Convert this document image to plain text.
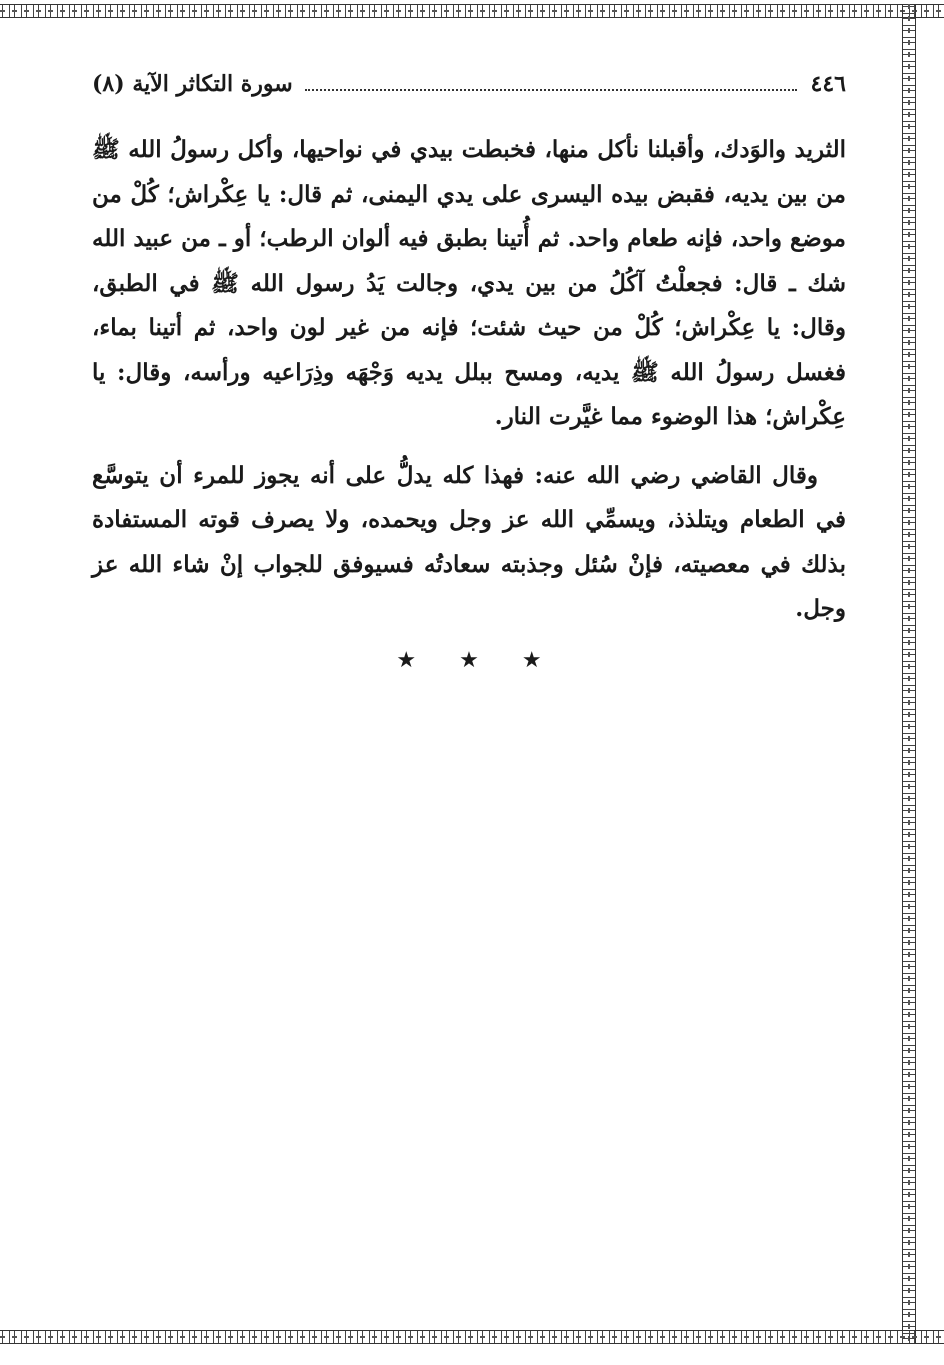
٤٤٦
سورة التكاثر الآية (٨)

الثريد والوَدك، وأقبلنا نأكل منها، فخبطت بيدي في نواحيها، وأكل رسولُ الله ﷺ من بين يديه، فقبض بيده اليسرى على يدي اليمنى، ثم قال: يا عِكْراش؛ كُلْ من موضع واحد، فإنه طعام واحد. ثم أُتينا بطبق فيه ألوان الرطب؛ أو ـ من عبيد الله شك ـ قال: فجعلْتُ آكُلُ من بين يدي، وجالت يَدُ رسول الله ﷺ في الطبق، وقال: يا عِكْراش؛ كُلْ من حيث شئت؛ فإنه من غير لون واحد، ثم أتينا بماء، فغسل رسولُ الله ﷺ يديه، ومسح ببلل يديه وَجْهَه وذِرَاعيه ورأسه، وقال: يا عِكْراش؛ هذا الوضوء مما غيَّرت النار.

وقال القاضي رضي الله عنه: فهذا كله يدلُّ على أنه يجوز للمرء أن يتوسَّع في الطعام ويتلذذ، ويسمِّي الله عز وجل ويحمده، ولا يصرف قوته المستفادة بذلك في معصيته، فإنْ سُئل وجذبته سعادتُه فسيوفق للجواب إنْ شاء الله عز وجل.

★ ★ ★
